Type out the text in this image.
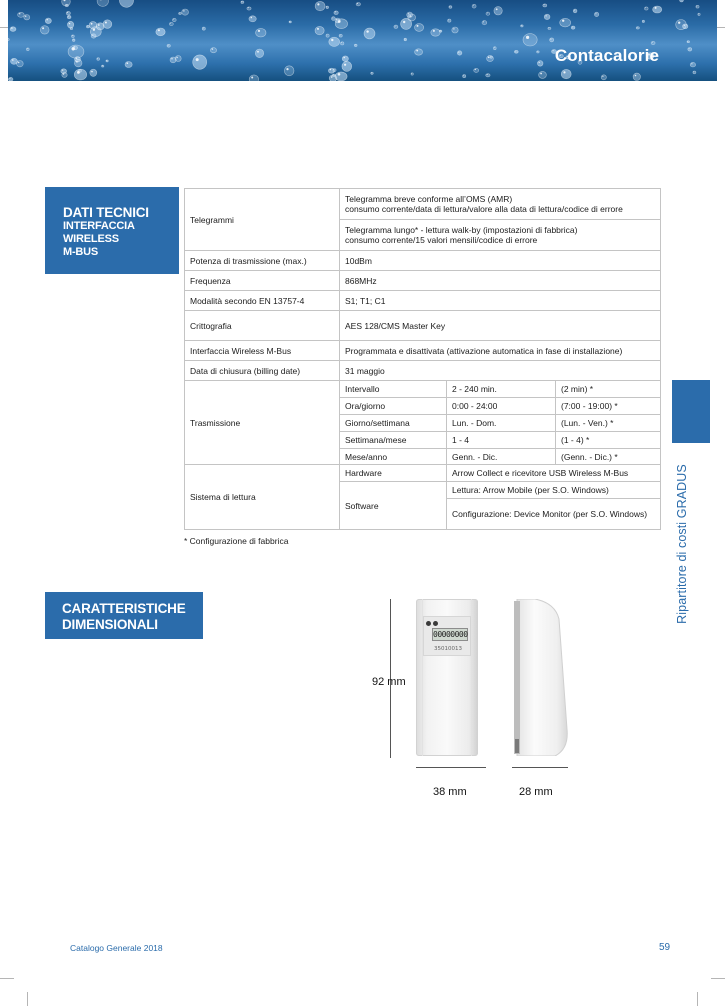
Contacalorie
DATI TECNICI
INTERFACCIA
WIRELESS
M-BUS
Telegrammi	Telegramma breve conforme all’OMS (AMR)
consumo corrente/data di lettura/valore alla data di lettura/codice di errore		

	Telegramma lungo* - lettura walk-by (impostazioni di fabbrica)
consumo corrente/15 valori mensili/codice di errore		

Potenza di trasmissione (max.)	10dBm		
Frequenza	868MHz		
Modalità secondo EN 13757-4	S1; T1; C1		
Crittografia	AES 128/CMS Master Key		
Interfaccia Wireless M-Bus	Programmata e disattivata (attivazione automatica in fase di installazione)		
Data di chiusura (billing date)	31 maggio		
Trasmissione	Intervallo	2 - 240 min.	(2 min) *
	Ora/giorno	0:00 - 24:00	(7:00 - 19:00) *
	Giorno/settimana	Lun. - Dom.	(Lun. - Ven.) *
	Settimana/mese	1 - 4	(1 - 4) *
	Mese/anno	Genn. - Dic.	(Genn. - Dic.) *
Sistema di lettura	Hardware	Arrow Collect e ricevitore USB Wireless M-Bus	
	Software	Lettura: Arrow Mobile (per S.O. Windows)	
		Configurazione: Device Monitor (per S.O. Windows)	
* Configurazione di fabbrica	Ripartitore di costi GRADUS
CARATTERISTICHE
DIMENSIONALI
92 mm
00000000
35010013
38 mm	28 mm
Catalogo Generale 2018	59
